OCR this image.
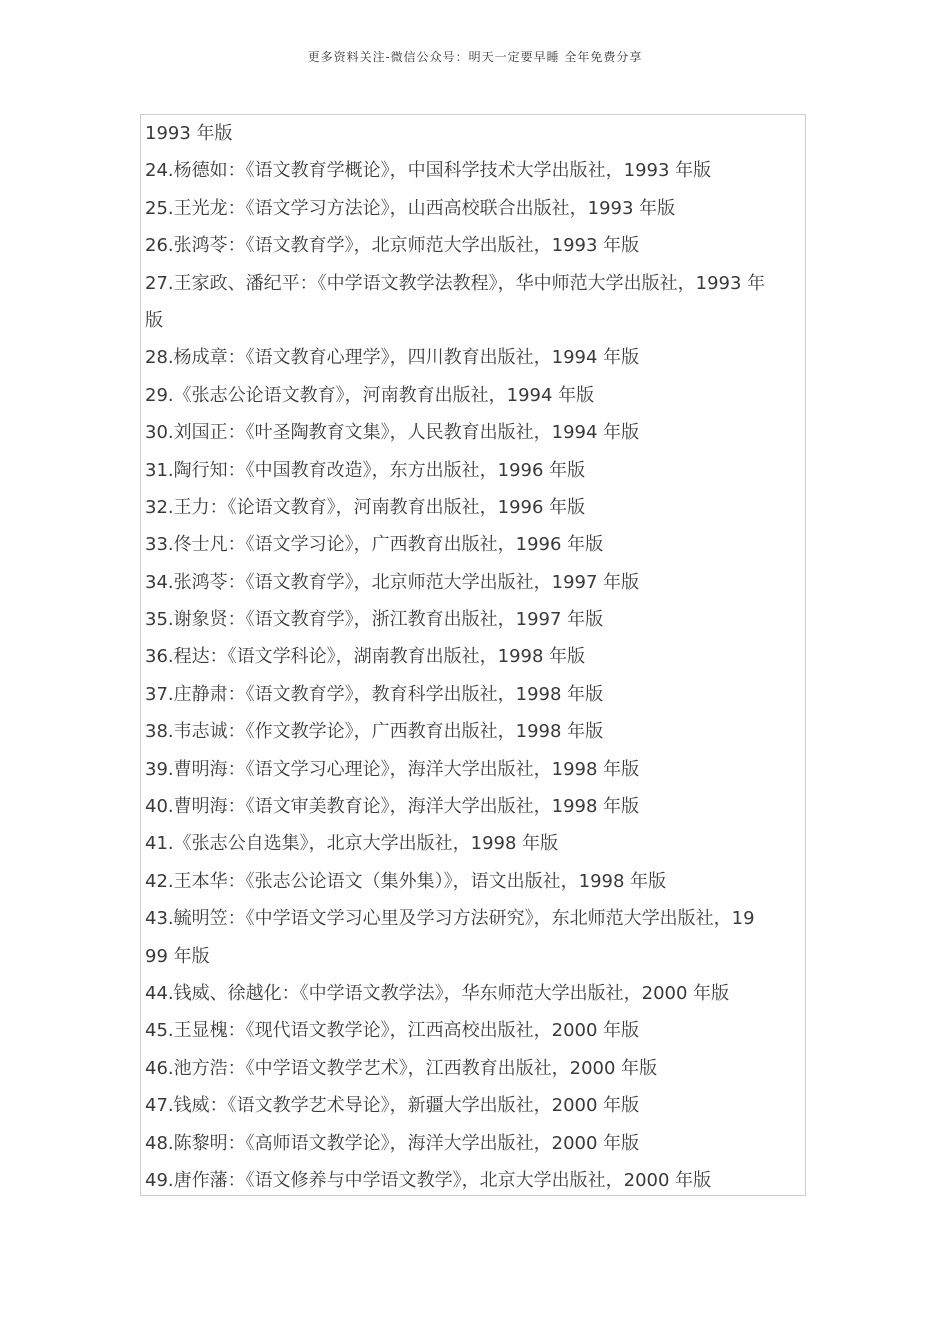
更多资料关注-微信公众号：明天一定要早睡 全年免费分享
1993 年版
24.杨德如：《语文教育学概论》，中国科学技术大学出版社，1993 年版
25.王光龙：《语文学习方法论》，山西高校联合出版社，1993 年版
26.张鸿苓：《语文教育学》，北京师范大学出版社，1993 年版
27.王家政、潘纪平：《中学语文教学法教程》，华中师范大学出版社，1993 年
版
28.杨成章：《语文教育心理学》，四川教育出版社，1994 年版
29.《张志公论语文教育》，河南教育出版社，1994 年版
30.刘国正：《叶圣陶教育文集》，人民教育出版社，1994 年版
31.陶行知：《中国教育改造》，东方出版社，1996 年版
32.王力：《论语文教育》，河南教育出版社，1996 年版
33.佟士凡：《语文学习论》，广西教育出版社，1996 年版
34.张鸿苓：《语文教育学》，北京师范大学出版社，1997 年版
35.谢象贤：《语文教育学》，浙江教育出版社，1997 年版
36.程达：《语文学科论》，湖南教育出版社，1998 年版
37.庄静肃：《语文教育学》，教育科学出版社，1998 年版
38.韦志诚：《作文教学论》，广西教育出版社，1998 年版
39.曹明海：《语文学习心理论》，海洋大学出版社，1998 年版
40.曹明海：《语文审美教育论》，海洋大学出版社，1998 年版
41.《张志公自选集》，北京大学出版社，1998 年版
42.王本华：《张志公论语文（集外集）》，语文出版社，1998 年版
43.毓明笠：《中学语文学习心里及学习方法研究》，东北师范大学出版社，19
99 年版
44.钱威、徐越化：《中学语文教学法》，华东师范大学出版社，2000 年版
45.王显槐：《现代语文教学论》，江西高校出版社，2000 年版
46.池方浩：《中学语文教学艺术》，江西教育出版社，2000 年版
47.钱威：《语文教学艺术导论》，新疆大学出版社，2000 年版
48.陈黎明：《高师语文教学论》，海洋大学出版社，2000 年版
49.唐作藩：《语文修养与中学语文教学》，北京大学出版社，2000 年版
